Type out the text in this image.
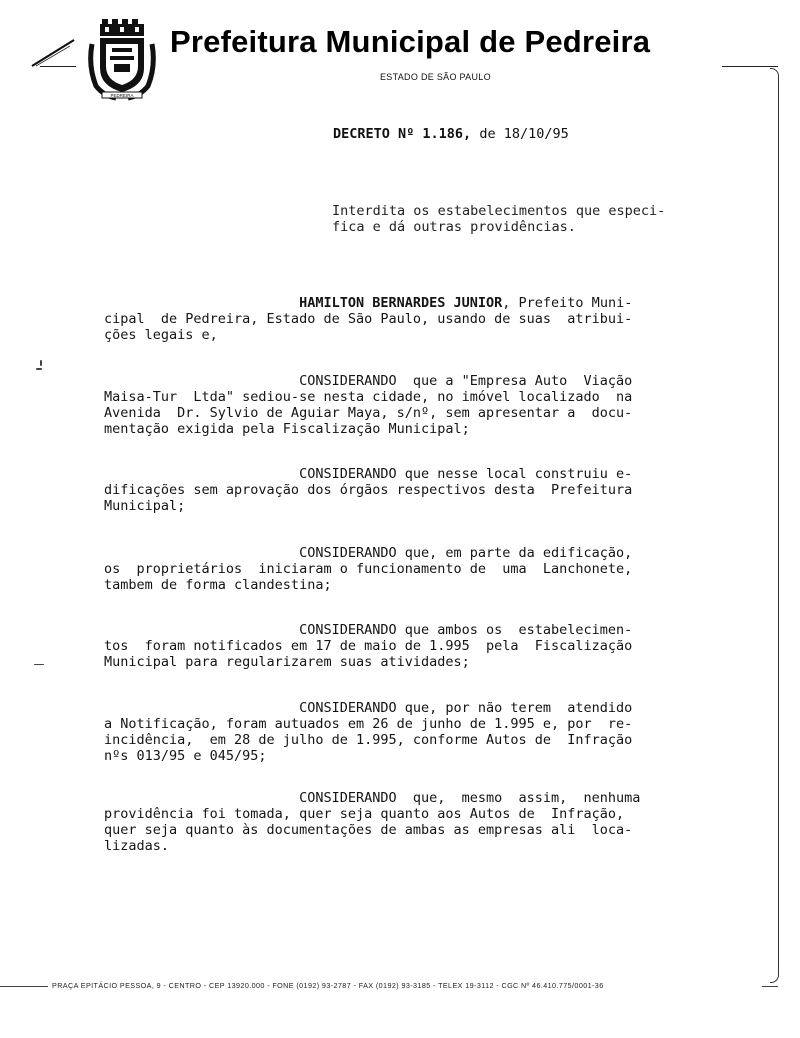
PEDREIRA
Prefeitura Municipal de Pedreira
ESTADO DE SÃO PAULO
DECRETO Nº 1.186, de 18/10/95
Interdita os estabelecimentos que especi-
fica e dá outras providências.
HAMILTON BERNARDES JUNIOR, Prefeito Muni-
cipal  de Pedreira, Estado de São Paulo, usando de suas  atribui-
ções legais e,
CONSIDERANDO  que a "Empresa Auto  Viação
Maisa-Tur  Ltda" sediou-se nesta cidade, no imóvel localizado  na
Avenida  Dr. Sylvio de Aguiar Maya, s/nº, sem apresentar a  docu-
mentação exigida pela Fiscalização Municipal;
CONSIDERANDO que nesse local construiu e-
dificações sem aprovação dos órgãos respectivos desta  Prefeitura
Municipal;
CONSIDERANDO que, em parte da edificação,
os  proprietários  iniciaram o funcionamento de  uma  Lanchonete,
tambem de forma clandestina;
CONSIDERANDO que ambos os  estabelecimen-
tos  foram notificados em 17 de maio de 1.995  pela  Fiscalização
Municipal para regularizarem suas atividades;
CONSIDERANDO que, por não terem  atendido
a Notificação, foram autuados em 26 de junho de 1.995 e, por  re-
incidência,  em 28 de julho de 1.995, conforme Autos de  Infração
nºs 013/95 e 045/95;
CONSIDERANDO  que,  mesmo  assim,  nenhuma
providência foi tomada, quer seja quanto aos Autos de  Infração,
quer seja quanto às documentações de ambas as empresas ali  loca-
lizadas.
PRAÇA EPITÁCIO PESSOA, 9 - CENTRO - CEP 13920.000 - FONE (0192) 93-2787 - FAX (0192) 93-3185 - TELEX 19-3112 - CGC Nº 46.410.775/0001-36
